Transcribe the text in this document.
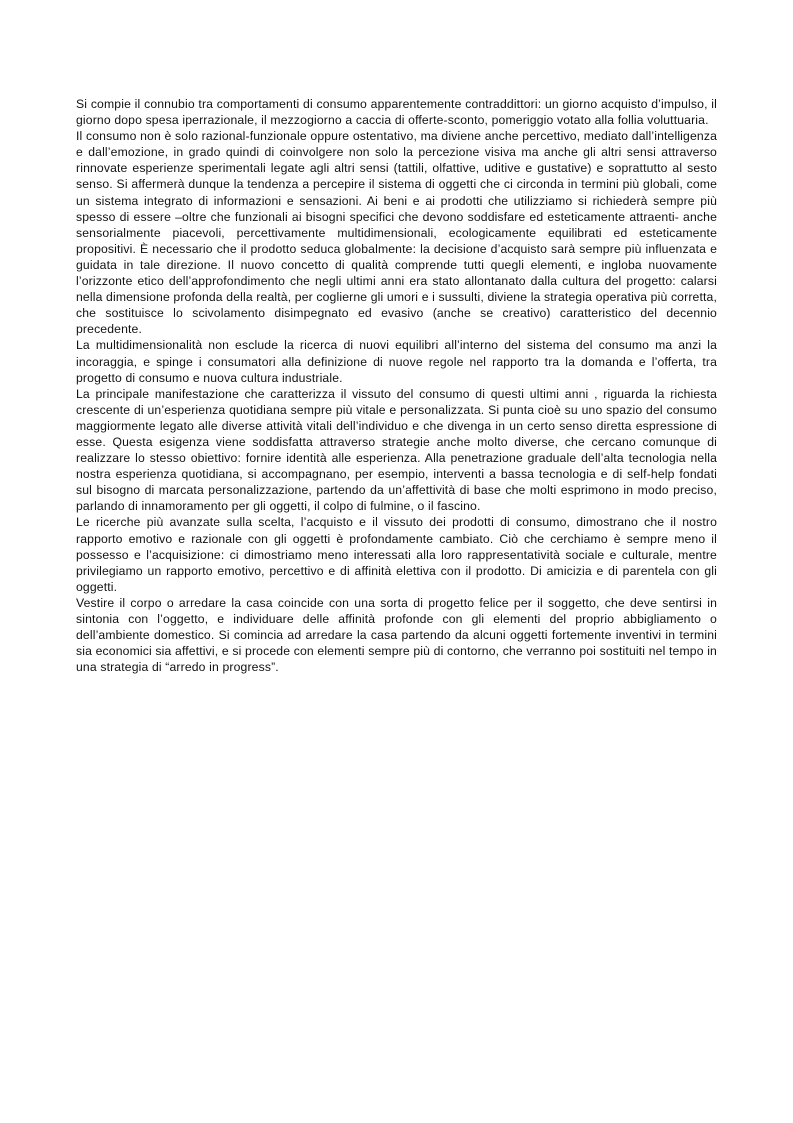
Si compie il connubio tra comportamenti di consumo apparentemente contraddittori: un giorno acquisto d’impulso, il giorno dopo spesa iperrazionale, il mezzogiorno a caccia di offerte-sconto, pomeriggio votato alla follia voluttuaria.

Il consumo non è solo razional-funzionale oppure ostentativo, ma diviene anche percettivo, mediato dall’intelligenza e dall’emozione, in grado quindi di coinvolgere non solo la percezione visiva ma anche gli altri sensi attraverso rinnovate esperienze sperimentali legate agli altri sensi (tattili, olfattive, uditive e gustative) e soprattutto al sesto senso. Si affermerà dunque la tendenza a percepire il sistema di oggetti che ci circonda in termini più globali, come un sistema integrato di informazioni e sensazioni. Ai beni e ai prodotti che utilizziamo si richiederà sempre più spesso di essere –oltre che funzionali ai bisogni specifici che devono soddisfare ed esteticamente attraenti- anche sensorialmente piacevoli, percettivamente multidimensionali, ecologicamente equilibrati ed esteticamente propositivi. È necessario che il prodotto seduca globalmente: la decisione d’acquisto sarà sempre più influenzata e guidata in tale direzione. Il nuovo concetto di qualità comprende tutti quegli elementi, e ingloba nuovamente l’orizzonte etico dell’approfondimento che negli ultimi anni era stato allontanato dalla cultura del progetto: calarsi nella dimensione profonda della realtà, per coglierne gli umori e i sussulti, diviene la strategia operativa più corretta, che sostituisce lo scivolamento disimpegnato ed evasivo (anche se creativo) caratteristico del decennio precedente.

La multidimensionalità non esclude la ricerca di nuovi equilibri all’interno del sistema del consumo ma anzi la incoraggia, e spinge i consumatori alla definizione di nuove regole nel rapporto tra la domanda e l’offerta, tra progetto di consumo e nuova cultura industriale.

La principale manifestazione che caratterizza il vissuto del consumo di questi ultimi anni , riguarda la richiesta crescente di un’esperienza quotidiana sempre più vitale e personalizzata. Si punta cioè su uno spazio del consumo maggiormente legato alle diverse attività vitali dell’individuo e che divenga in un certo senso diretta espressione di esse. Questa esigenza viene soddisfatta attraverso strategie anche molto diverse, che cercano comunque di realizzare lo stesso obiettivo: fornire identità alle esperienza. Alla penetrazione graduale dell’alta tecnologia nella nostra esperienza quotidiana, si accompagnano, per esempio, interventi a bassa tecnologia e di self-help fondati sul bisogno di marcata personalizzazione, partendo da un’affettività di base che molti esprimono in modo preciso, parlando di innamoramento per gli oggetti, il colpo di fulmine, o il fascino.

Le ricerche più avanzate sulla scelta, l’acquisto e il vissuto dei prodotti di consumo, dimostrano che il nostro rapporto emotivo e razionale con gli oggetti è profondamente cambiato. Ciò che cerchiamo è sempre meno il possesso e l’acquisizione: ci dimostriamo meno interessati alla loro rappresentatività sociale e culturale, mentre privilegiamo un rapporto emotivo, percettivo e di affinità elettiva con il prodotto. Di amicizia e di parentela con gli oggetti.

Vestire il corpo o arredare la casa coincide con una sorta di progetto felice per il soggetto, che deve sentirsi in sintonia con l’oggetto, e individuare delle affinità profonde con gli elementi del proprio abbigliamento o dell’ambiente domestico. Si comincia ad arredare la casa partendo da alcuni oggetti fortemente inventivi in termini sia economici sia affettivi, e si procede con elementi sempre più di contorno, che verranno poi sostituiti nel tempo in una strategia di “arredo in progress”.
